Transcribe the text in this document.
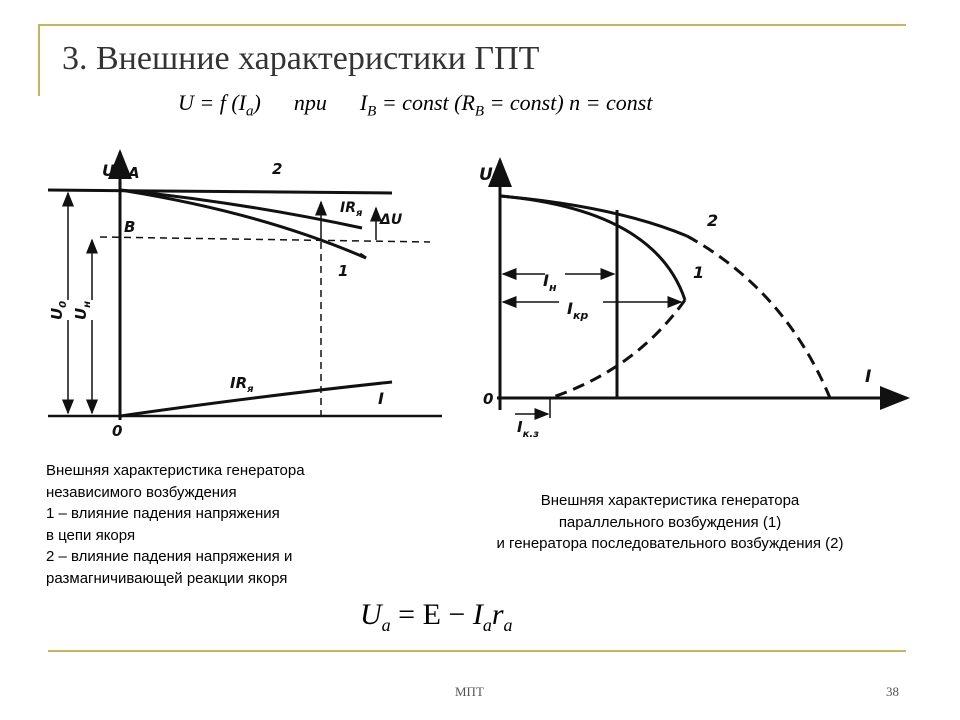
3. Внешние характеристики ГПТ
U = f $(I_a)$ при $I_B$ = const ($R_B$ = const) n = const
U A
B
2
1
$IR_я$ ΔU
$U_0$
$U_н$
$IR_я$	I
0
U
I
0
2
1
$I_н$
$I_{кр}$
$I_{к.з}$
Внешняя характеристика генератора
независимого возбуждения
1 – влияние падения напряжения
в цепи якоря
2 – влияние падения напряжения и
размагничивающей реакции якоря
Внешняя характеристика генератора
параллельного возбуждения (1)
и генератора последовательного возбуждения (2)
$U_a = E - I_ar_a$
МПТ	38
